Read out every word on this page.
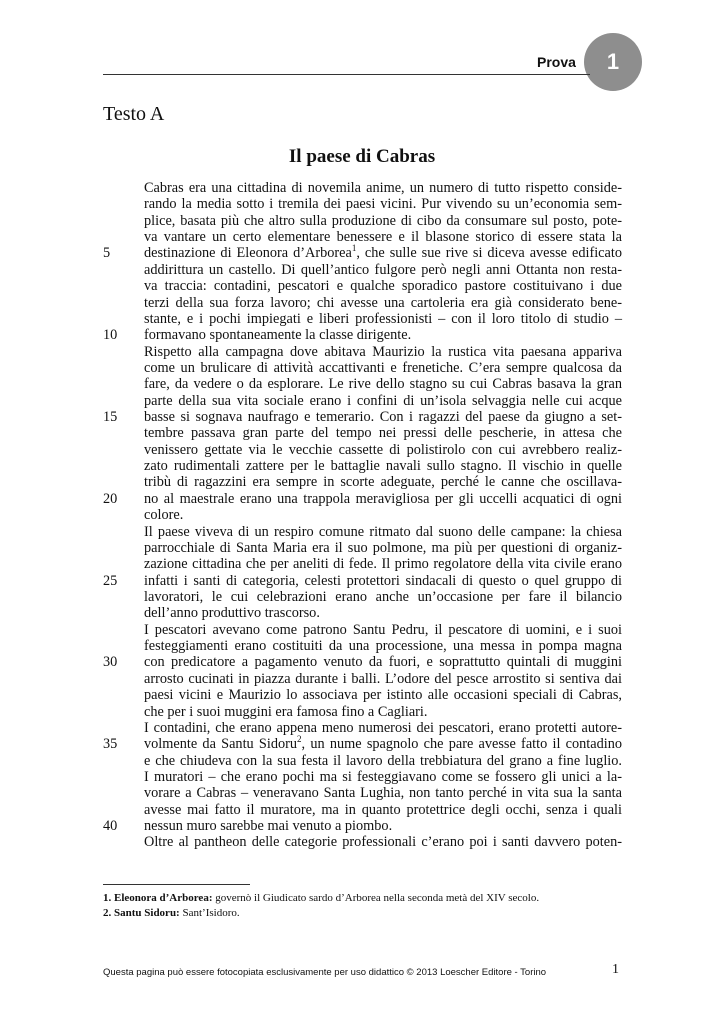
Prova	1
Testo A
Il paese di Cabras
5
10
15
20
25
30
35
40
Cabras era una cittadina di novemila anime, un numero di tutto rispetto conside-
rando la media sotto i tremila dei paesi vicini. Pur vivendo su un’economia sem-
plice, basata più che altro sulla produzione di cibo da consumare sul posto, pote-
va vantare un certo elementare benessere e il blasone storico di essere stata la
destinazione di Eleonora d’Arborea$^1$, che sulle sue rive si diceva avesse edificato
addirittura un castello. Di quell’antico fulgore però negli anni Ottanta non resta-
va traccia: contadini, pescatori e qualche sporadico pastore costituivano i due
terzi della sua forza lavoro; chi avesse una cartoleria era già considerato bene-
stante, e i pochi impiegati e liberi professionisti – con il loro titolo di studio –
formavano spontaneamente la classe dirigente.
Rispetto alla campagna dove abitava Maurizio la rustica vita paesana appariva
come un brulicare di attività accattivanti e frenetiche. C’era sempre qualcosa da
fare, da vedere o da esplorare. Le rive dello stagno su cui Cabras basava la gran
parte della sua vita sociale erano i confini di un’isola selvaggia nelle cui acque
basse si sognava naufrago e temerario. Con i ragazzi del paese da giugno a set-
tembre passava gran parte del tempo nei pressi delle pescherie, in attesa che
venissero gettate via le vecchie cassette di polistirolo con cui avrebbero realiz-
zato rudimentali zattere per le battaglie navali sullo stagno. Il vischio in quelle
tribù di ragazzini era sempre in scorte adeguate, perché le canne che oscillava-
no al maestrale erano una trappola meravigliosa per gli uccelli acquatici di ogni
colore.
Il paese viveva di un respiro comune ritmato dal suono delle campane: la chiesa
parrocchiale di Santa Maria era il suo polmone, ma più per questioni di organiz-
zazione cittadina che per aneliti di fede. Il primo regolatore della vita civile erano
infatti i santi di categoria, celesti protettori sindacali di questo o quel gruppo di
lavoratori, le cui celebrazioni erano anche un’occasione per fare il bilancio
dell’anno produttivo trascorso.
I pescatori avevano come patrono Santu Pedru, il pescatore di uomini, e i suoi
festeggiamenti erano costituiti da una processione, una messa in pompa magna
con predicatore a pagamento venuto da fuori, e soprattutto quintali di muggini
arrosto cucinati in piazza durante i balli. L’odore del pesce arrostito si sentiva dai
paesi vicini e Maurizio lo associava per istinto alle occasioni speciali di Cabras,
che per i suoi muggini era famosa fino a Cagliari.
I contadini, che erano appena meno numerosi dei pescatori, erano protetti autore-
volmente da Santu Sidoru$^2$, un nume spagnolo che pare avesse fatto il contadino
e che chiudeva con la sua festa il lavoro della trebbiatura del grano a fine luglio.
I muratori – che erano pochi ma si festeggiavano come se fossero gli unici a la-
vorare a Cabras – veneravano Santa Lughia, non tanto perché in vita sua la santa
avesse mai fatto il muratore, ma in quanto protettrice degli occhi, senza i quali
nessun muro sarebbe mai venuto a piombo.
Oltre al pantheon delle categorie professionali c’erano poi i santi davvero poten-
1. Eleonora d’Arborea: governò il Giudicato sardo d’Arborea nella seconda metà del XIV secolo.
2. Santu Sidoru: Sant’Isidoro.
Questa pagina può essere fotocopiata esclusivamente per uso didattico © 2013 Loescher Editore - Torino	1
